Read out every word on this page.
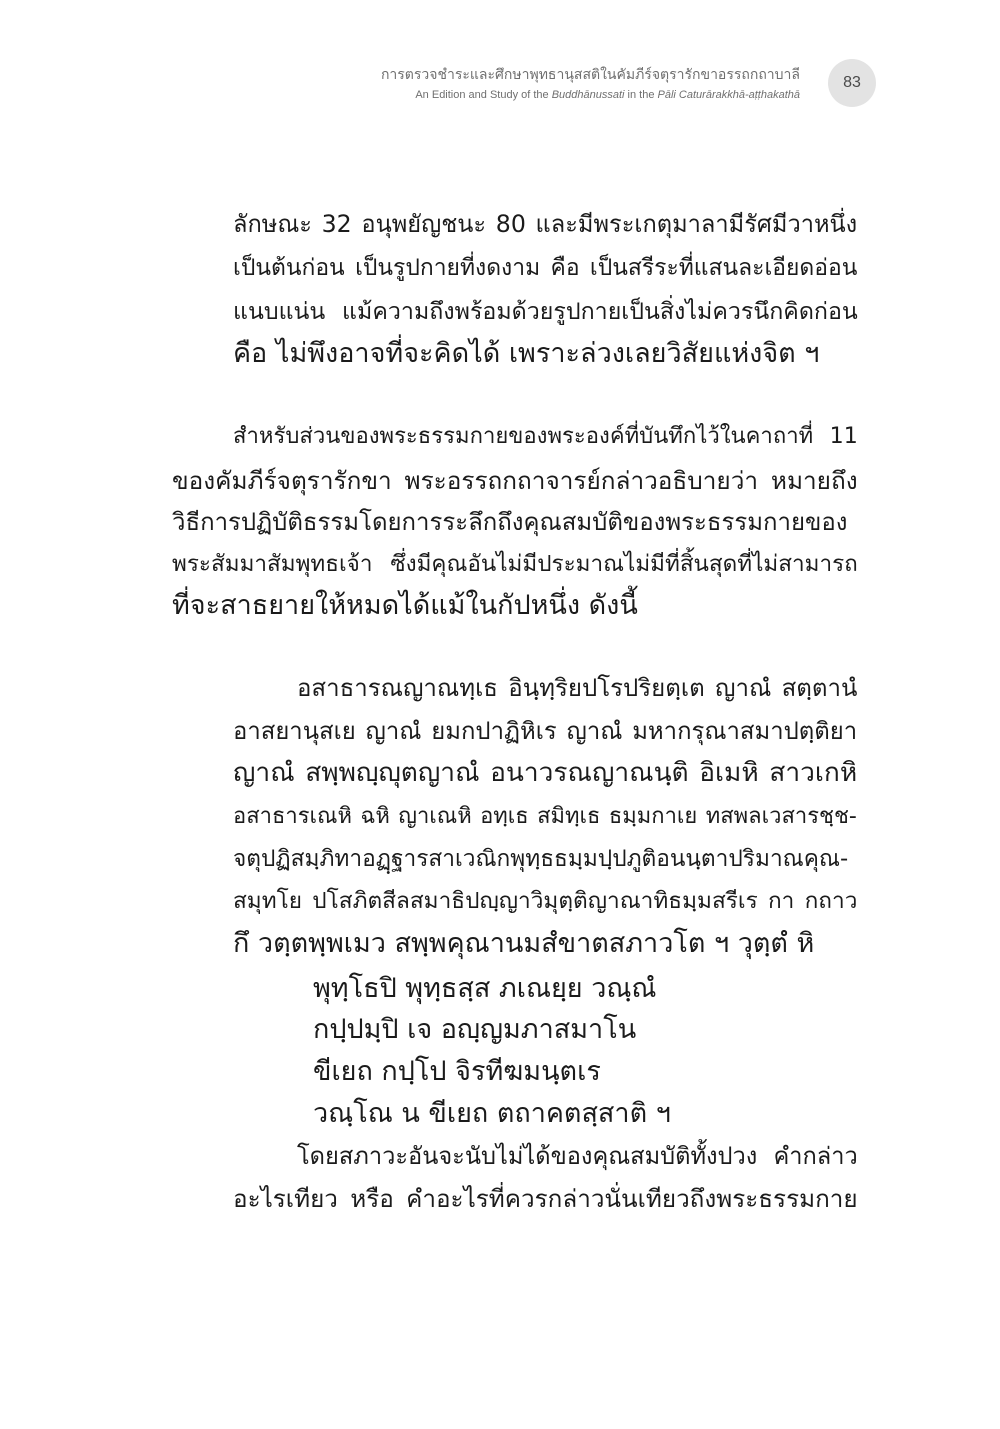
การตรวจชำระและศึกษาพุทธานุสสติในคัมภีร์จตุรารักขาอรรถกถาบาลี
An Edition and Study of the Buddhānussati in the Pāli Caturārakkhā-aṭṭhakathā
83
ลักษณะ 32 อนุพยัญชนะ 80 และมีพระเกตุมาลามีรัศมีวาหนึ่ง
เป็นต้นก่อน เป็นรูปกายที่งดงาม คือ เป็นสรีระที่แสนละเอียดอ่อน
แนบแน่น แม้ความถึงพร้อมด้วยรูปกายเป็นสิ่งไม่ควรนึกคิดก่อน
คือ ไม่พึงอาจที่จะคิดได้ เพราะล่วงเลยวิสัยแห่งจิต ฯ
สำหรับส่วนของพระธรรมกายของพระองค์ที่บันทึกไว้ในคาถาที่ 11
ของคัมภีร์จตุรารักขา พระอรรถกถาจารย์กล่าวอธิบายว่า หมายถึง
วิธีการปฏิบัติธรรมโดยการระลึกถึงคุณสมบัติของพระธรรมกายของ
พระสัมมาสัมพุทธเจ้า ซึ่งมีคุณอันไม่มีประมาณไม่มีที่สิ้นสุดที่ไม่สามารถ
ที่จะสาธยายให้หมดได้แม้ในกัปหนึ่ง ดังนี้
อสาธารณญาณทฺเธ อินฺทฺริยปโรปริยตฺเต ญาณํ สตฺตานํ
อาสยานุสเย ญาณํ ยมกปาฏิหิเร ญาณํ มหากรุณาสมาปตฺติยา
ญาณํ สพฺพญฺญุตญาณํ อนาวรณญาณนฺติ อิเมหิ สาวเกหิ
อสาธารเณหิ ฉหิ ญาเณหิ อทฺเธ สมิทฺเธ ธมฺมกาเย ทสพลเวสารชฺช-
จตุปฏิสมฺภิทาอฏฺฐารสาเวณิกพุทฺธธมฺมปฺปภูติอนนฺตาปริมาณคุณ-
สมุทโย ปโสภิตสีลสมาธิปญฺญาวิมุตฺติญาณาทิธมฺมสรีเร กา กถาว
กึ วตฺตพฺพเมว สพฺพคุณานมสํขาตสภาวโต ฯ วุตฺตํ หิ
พุทฺโธปิ พุทฺธสฺส ภเณยฺย วณฺณํ
กปฺปมฺปิ เจ อญฺญมภาสมาโน
ขีเยถ กปฺโป จิรทีฆมนฺตเร
วณฺโณ น ขีเยถ ตถาคตสฺสาติ ฯ
โดยสภาวะอันจะนับไม่ได้ของคุณสมบัติทั้งปวง คำกล่าว
อะไรเทียว หรือ คำอะไรที่ควรกล่าวนั่นเทียวถึงพระธรรมกาย
